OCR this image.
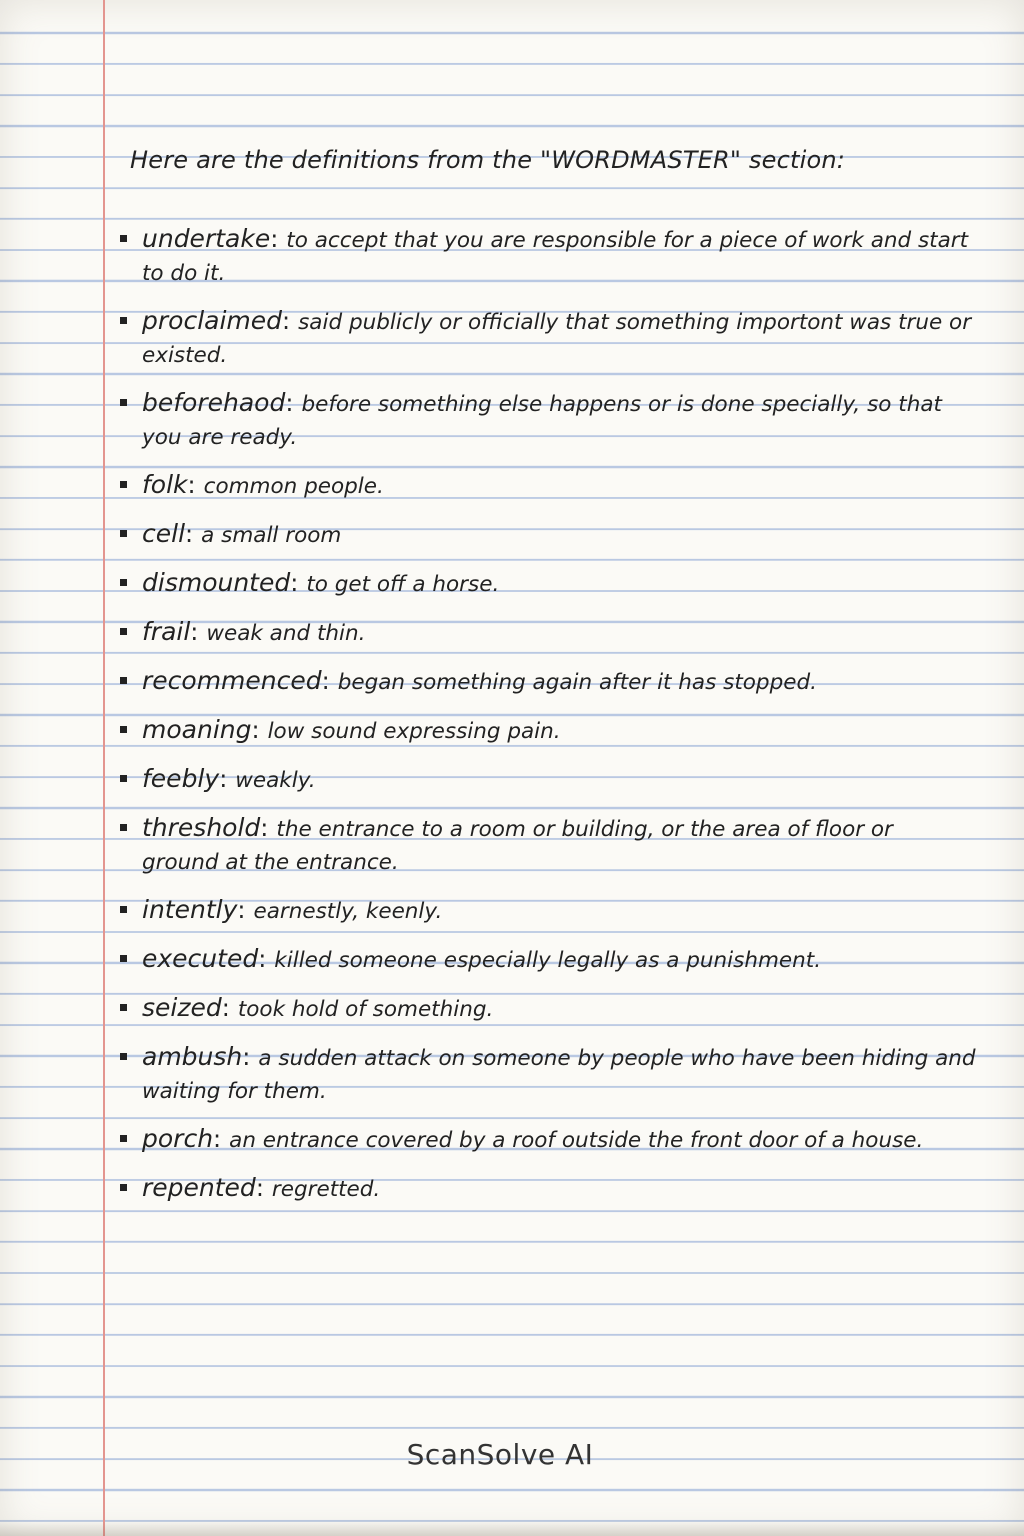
Here are the definitions from the "WORDMASTER" section:

undertake: to accept that you are responsible for a piece of work and start to do it.
proclaimed: said publicly or officially that something importont was true or existed.
beforehaod: before something else happens or is done specially, so that you are ready.
folk: common people.
cell: a small room
dismounted: to get off a horse.
frail: weak and thin.
recommenced: began something again after it has stopped.
moaning: low sound expressing pain.
feebly: weakly.
threshold: the entrance to a room or building, or the area of floor or ground at the entrance.
intently: earnestly, keenly.
executed: killed someone especially legally as a punishment.
seized: took hold of something.
ambush: a sudden attack on someone by people who have been hiding and waiting for them.
porch: an entrance covered by a roof outside the front door of a house.
repented: regretted.
ScanSolve AI
